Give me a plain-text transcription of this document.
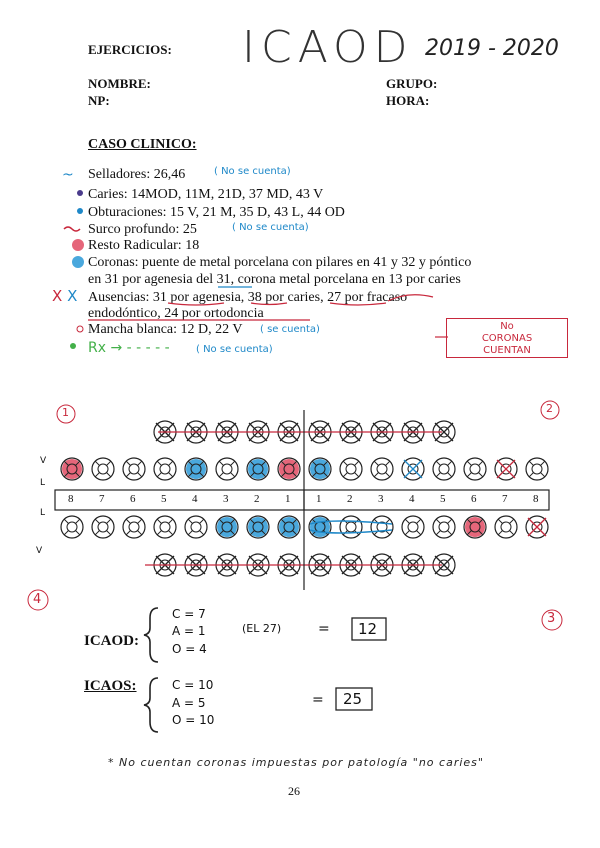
EJERCICIOS: ICAOD 2019 - 2020
NOMBRE:
NP:
GRUPO:
HORA:
CASO CLINICO:
~ Selladores: 26,46	( No se cuenta)
Caries: 14MOD, 11M, 21D, 37 MD, 43 V
Obturaciones: 15 V, 21 M, 35 D, 43 L, 44 OD
Surco profundo: 25	( No se cuenta)
Resto Radicular: 18
Coronas: puente de metal porcelana con pilares en 41 y 32 y póntico
en 31 por agenesia del 31, corona metal porcelana en 13 por caries
X X Ausencias: 31 por agenesia, 38 por caries, 27 por fracaso
endodóntico, 24 por ortodoncia
Mancha blanca: 12 D, 22 V ( se cuenta)
Rx → - - - - -	( No se cuenta)
No
CORONAS
CUENTAN
1	2
4
3
V
L
L
V
8 7 6 5 4 3 2 1 1 2 3 4 5 6 7 8
ICAOD:
C = 7
A = 1
O = 4
(EL 27)	= 12
ICAOS:	C = 10
A = 5
O = 10
= 25
* No cuentan coronas impuestas por patología "no caries"
26
